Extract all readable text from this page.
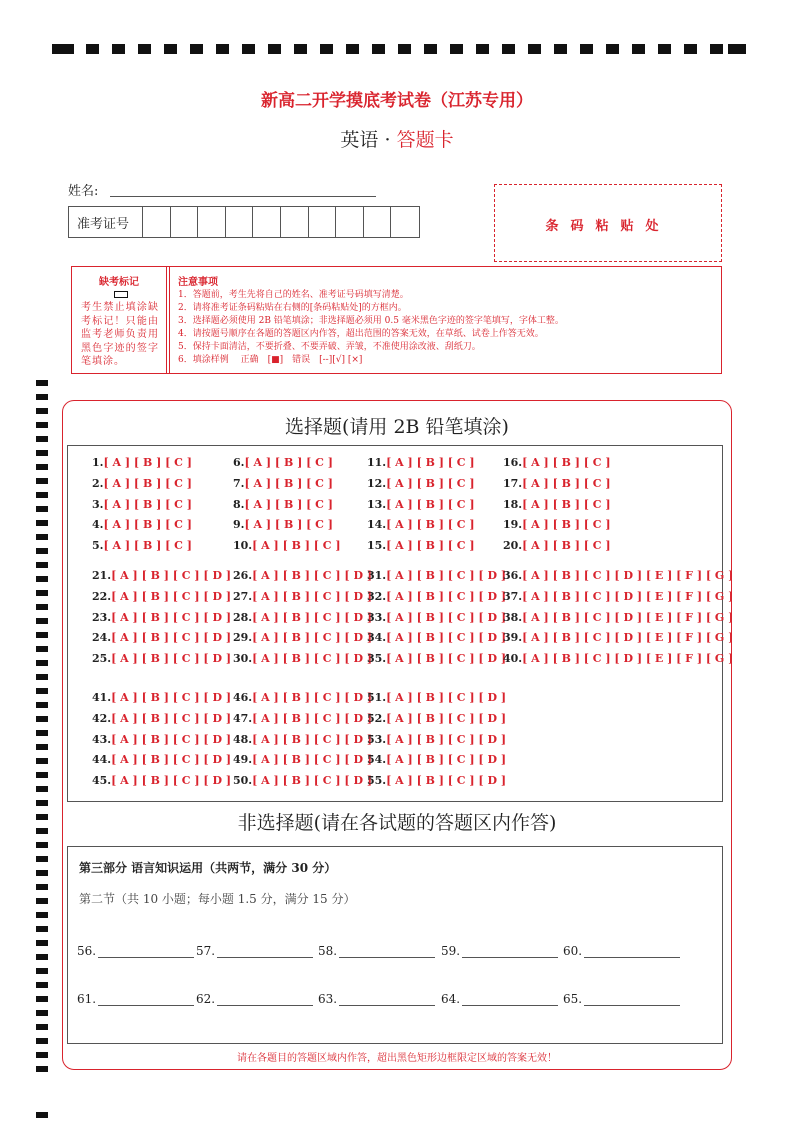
新高二开学摸底考试卷（江苏专用）
英语 · 答题卡
姓名:
准考证号	条码粘贴处
缺考标记
考生禁止填涂缺考标记！只能由监考老师负责用黑色字迹的签字笔填涂。
注意事项
1．答题前，考生先将自己的姓名、准考证号码填写清楚。
2．请将准考证条码粘贴在右侧的[条码粘贴处]的方框内。
3．选择题必须使用 2B 铅笔填涂；非选择题必须用 0.5 毫米黑色字迹的签字笔填写，字体工整。
4．请按题号顺序在各题的答题区内作答，超出范围的答案无效，在草纸、试卷上作答无效。
5．保持卡面清洁，不要折叠、不要弄破、弄皱，不准使用涂改液、刮纸刀。
6．填涂样例　 正确　[■]　错误　[--][√] [×]
选择题(请用 2B 铅笔填涂)
非选择题(请在各试题的答题区内作答)
第三部分 语言知识运用（共两节，满分 30 分）
第二节（共 10 小题；每小题 1.5 分，满分 15 分）
请在各题目的答题区域内作答，超出黑色矩形边框限定区域的答案无效！
1.[ A ] [ B ] [ C ]
2.[ A ] [ B ] [ C ]
3.[ A ] [ B ] [ C ]
4.[ A ] [ B ] [ C ]
5.[ A ] [ B ] [ C ]
6.[ A ] [ B ] [ C ]
7.[ A ] [ B ] [ C ]
8.[ A ] [ B ] [ C ]
9.[ A ] [ B ] [ C ]
10.[ A ] [ B ] [ C ]
11.[ A ] [ B ] [ C ]
12.[ A ] [ B ] [ C ]
13.[ A ] [ B ] [ C ]
14.[ A ] [ B ] [ C ]
15.[ A ] [ B ] [ C ]
16.[ A ] [ B ] [ C ]
17.[ A ] [ B ] [ C ]
18.[ A ] [ B ] [ C ]
19.[ A ] [ B ] [ C ]
20.[ A ] [ B ] [ C ]
21.[ A ] [ B ] [ C ] [ D ]
22.[ A ] [ B ] [ C ] [ D ]
23.[ A ] [ B ] [ C ] [ D ]
24.[ A ] [ B ] [ C ] [ D ]
25.[ A ] [ B ] [ C ] [ D ]
26.[ A ] [ B ] [ C ] [ D ]
27.[ A ] [ B ] [ C ] [ D ]
28.[ A ] [ B ] [ C ] [ D ]
29.[ A ] [ B ] [ C ] [ D ]
30.[ A ] [ B ] [ C ] [ D ]
31.[ A ] [ B ] [ C ] [ D ]
32.[ A ] [ B ] [ C ] [ D ]
33.[ A ] [ B ] [ C ] [ D ]
34.[ A ] [ B ] [ C ] [ D ]
35.[ A ] [ B ] [ C ] [ D ]
36.[ A ] [ B ] [ C ] [ D ] [ E ] [ F ] [ G ]
37.[ A ] [ B ] [ C ] [ D ] [ E ] [ F ] [ G ]
38.[ A ] [ B ] [ C ] [ D ] [ E ] [ F ] [ G ]
39.[ A ] [ B ] [ C ] [ D ] [ E ] [ F ] [ G ]
40.[ A ] [ B ] [ C ] [ D ] [ E ] [ F ] [ G ]
41.[ A ] [ B ] [ C ] [ D ]
42.[ A ] [ B ] [ C ] [ D ]
43.[ A ] [ B ] [ C ] [ D ]
44.[ A ] [ B ] [ C ] [ D ]
45.[ A ] [ B ] [ C ] [ D ]
46.[ A ] [ B ] [ C ] [ D ]
47.[ A ] [ B ] [ C ] [ D ]
48.[ A ] [ B ] [ C ] [ D ]
49.[ A ] [ B ] [ C ] [ D ]
50.[ A ] [ B ] [ C ] [ D ]
51.[ A ] [ B ] [ C ] [ D ]
52.[ A ] [ B ] [ C ] [ D ]
53.[ A ] [ B ] [ C ] [ D ]
54.[ A ] [ B ] [ C ] [ D ]
55.[ A ] [ B ] [ C ] [ D ]
56.	57.	58.	59.	60.
61.	62.	63.	64.	65.
